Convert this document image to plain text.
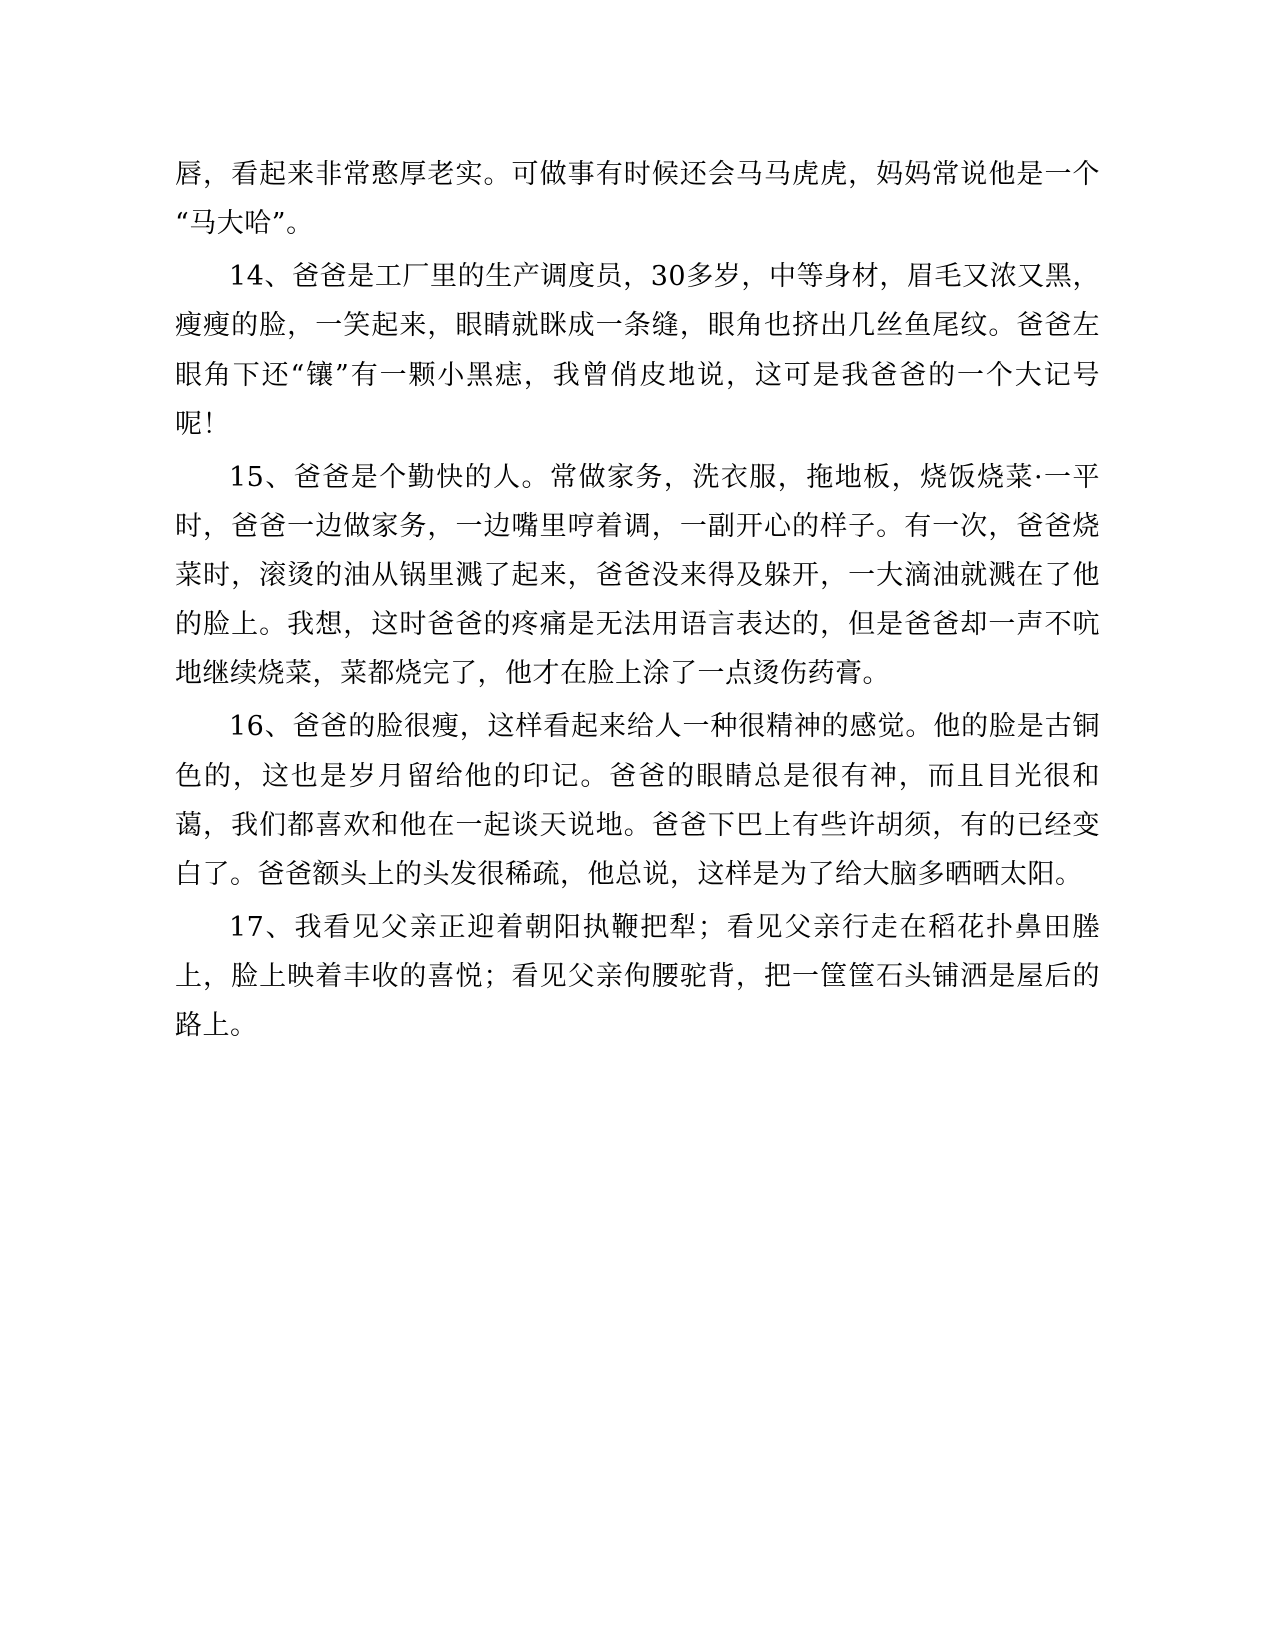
唇，看起来非常憨厚老实。可做事有时候还会马马虎虎，妈妈常说他是一个“马大哈”。

14、爸爸是工厂里的生产调度员，30多岁，中等身材，眉毛又浓又黑，瘦瘦的脸，一笑起来，眼睛就眯成一条缝，眼角也挤出几丝鱼尾纹。爸爸左眼角下还“镶”有一颗小黑痣，我曾俏皮地说，这可是我爸爸的一个大记号呢！

15、爸爸是个勤快的人。常做家务，洗衣服，拖地板，烧饭烧菜·一平时，爸爸一边做家务，一边嘴里哼着调，一副开心的样子。有一次，爸爸烧菜时，滚烫的油从锅里溅了起来，爸爸没来得及躲开，一大滴油就溅在了他的脸上。我想，这时爸爸的疼痛是无法用语言表达的，但是爸爸却一声不吭地继续烧菜，菜都烧完了，他才在脸上涂了一点烫伤药膏。

16、爸爸的脸很瘦，这样看起来给人一种很精神的感觉。他的脸是古铜色的，这也是岁月留给他的印记。爸爸的眼睛总是很有神，而且目光很和蔼，我们都喜欢和他在一起谈天说地。爸爸下巴上有些许胡须，有的已经变白了。爸爸额头上的头发很稀疏，他总说，这样是为了给大脑多晒晒太阳。

17、我看见父亲正迎着朝阳执鞭把犁；看见父亲行走在稻花扑鼻田塍上，脸上映着丰收的喜悦；看见父亲佝腰驼背，把一筐筐石头铺洒是屋后的路上。
